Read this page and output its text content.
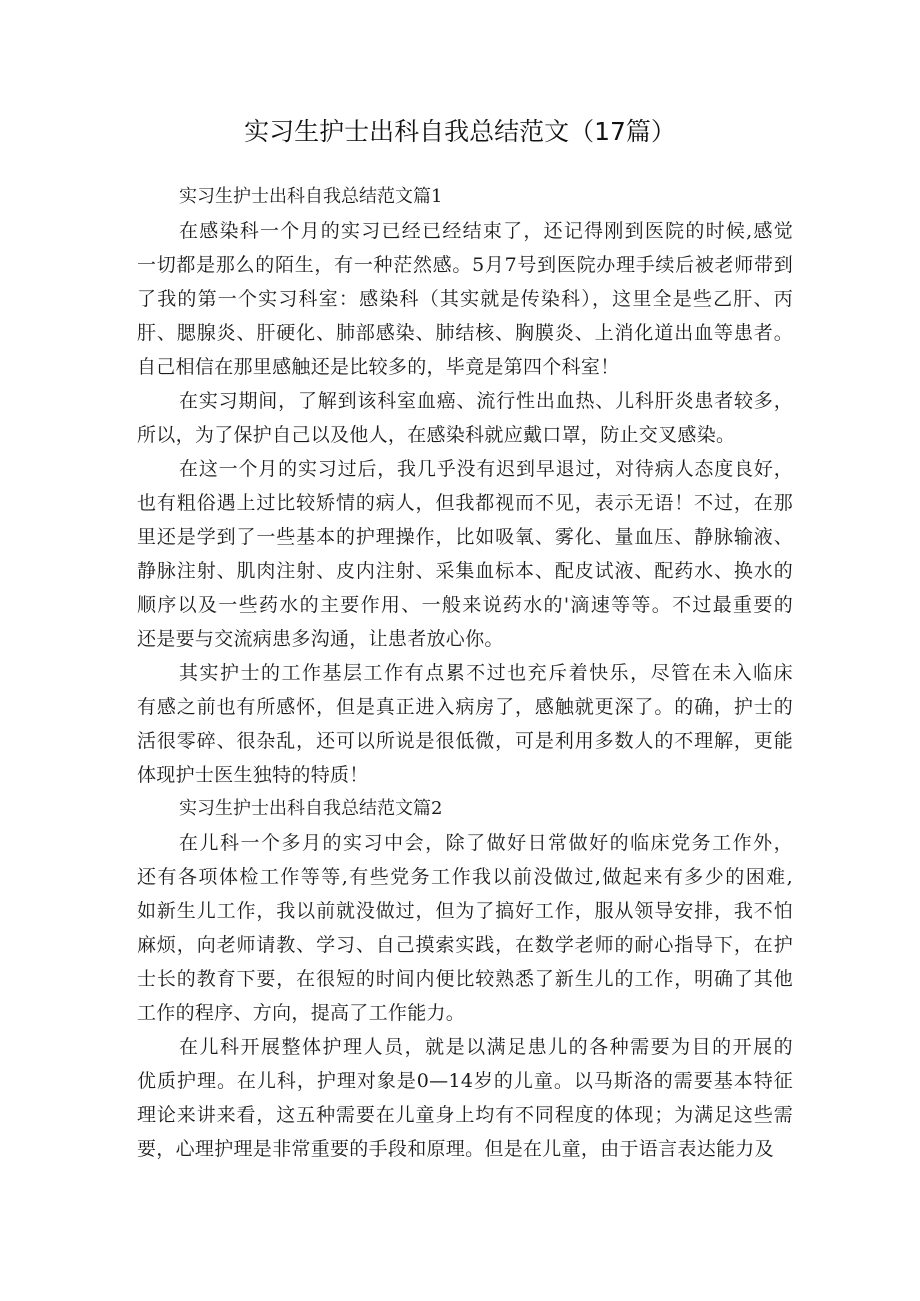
实习生护士出科自我总结范文（17篇）

实习生护士出科自我总结范文篇1

在感染科一个月的实习已经已经结束了，还记得刚到医院的时候,感觉
一切都是那么的陌生，有一种茫然感。5月7号到医院办理手续后被老师带到
了我的第一个实习科室：感染科（其实就是传染科），这里全是些乙肝、丙
肝、腮腺炎、肝硬化、肺部感染、肺结核、胸膜炎、上消化道出血等患者。
自己相信在那里感触还是比较多的，毕竟是第四个科室！
在实习期间，了解到该科室血癌、流行性出血热、儿科肝炎患者较多，
所以，为了保护自己以及他人，在感染科就应戴口罩，防止交叉感染。
在这一个月的实习过后，我几乎没有迟到早退过，对待病人态度良好，
也有粗俗遇上过比较矫情的病人，但我都视而不见，表示无语！不过，在那
里还是学到了一些基本的护理操作，比如吸氧、雾化、量血压、静脉输液、
静脉注射、肌肉注射、皮内注射、采集血标本、配皮试液、配药水、换水的
顺序以及一些药水的主要作用、一般来说药水的'滴速等等。不过最重要的
还是要与交流病患多沟通，让患者放心你。
其实护士的工作基层工作有点累不过也充斥着快乐，尽管在未入临床
有感之前也有所感怀，但是真正进入病房了，感触就更深了。的确，护士的
活很零碎、很杂乱，还可以所说是很低微，可是利用多数人的不理解，更能
体现护士医生独特的特质！

实习生护士出科自我总结范文篇2

在儿科一个多月的实习中会，除了做好日常做好的临床党务工作外，
还有各项体检工作等等,有些党务工作我以前没做过,做起来有多少的困难,
如新生儿工作，我以前就没做过，但为了搞好工作，服从领导安排，我不怕
麻烦，向老师请教、学习、自己摸索实践，在数学老师的耐心指导下，在护
士长的教育下要，在很短的时间内便比较熟悉了新生儿的工作，明确了其他
工作的程序、方向，提高了工作能力。
在儿科开展整体护理人员，就是以满足患儿的各种需要为目的开展的
优质护理。在儿科，护理对象是0—14岁的儿童。以马斯洛的需要基本特征
理论来讲来看，这五种需要在儿童身上均有不同程度的体现；为满足这些需
要，心理护理是非常重要的手段和原理。但是在儿童，由于语言表达能力及
